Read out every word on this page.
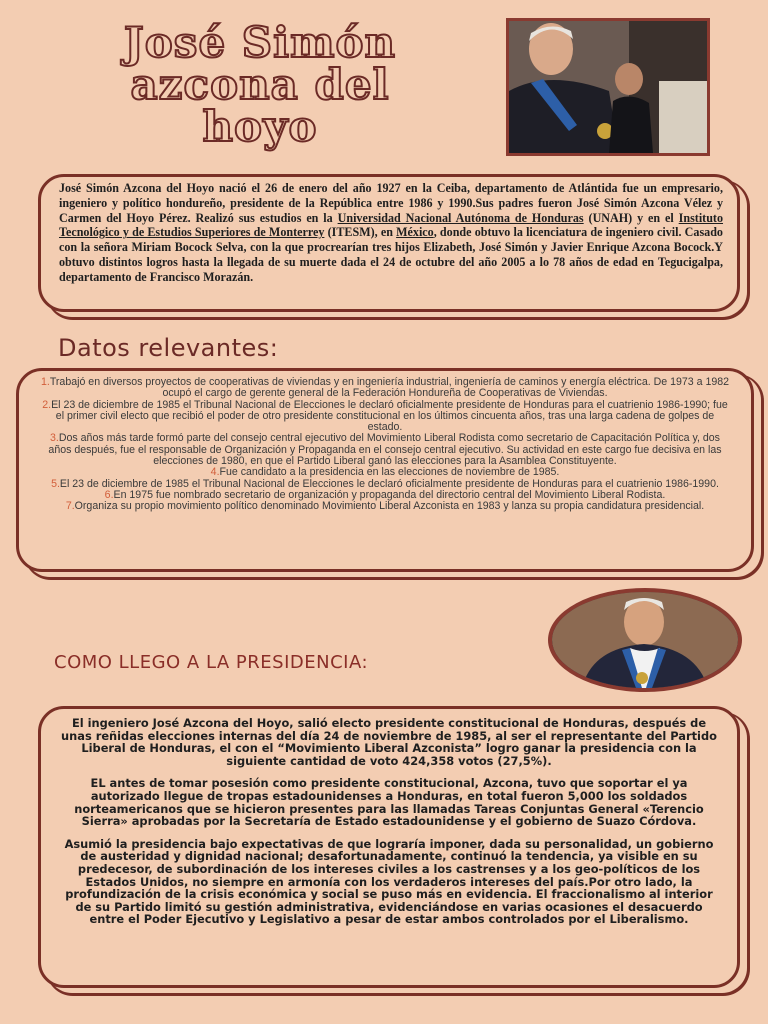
José Simón
azcona del
hoyo

José Simón Azcona del Hoyo nació el 26 de enero del año 1927 en la Ceiba, departamento de Atlántida fue un empresario, ingeniero y político hondureño, presidente de la República entre 1986 y 1990.Sus padres fueron José Simón Azcona Vélez y Carmen del Hoyo Pérez. Realizó sus estudios en la Universidad Nacional Autónoma de Honduras (UNAH) y en el Instituto Tecnológico y de Estudios Superiores de Monterrey (ITESM), en México, donde obtuvo la licenciatura de ingeniero civil. Casado con la señora Miriam Bocock Selva, con la que procrearían tres hijos Elizabeth, José Simón y Javier Enrique Azcona Bocock.Y obtuvo distintos logros hasta la llegada de su muerte dada el 24 de octubre del año 2005 a lo 78 años de edad en Tegucigalpa, departamento de Francisco Morazán.

Datos relevantes:
1.Trabajó en diversos proyectos de cooperativas de viviendas y en ingeniería industrial, ingeniería de caminos y energía eléctrica. De 1973 a 1982 ocupó el cargo de gerente general de la Federación Hondureña de Cooperativas de Viviendas.
2.El 23 de diciembre de 1985 el Tribunal Nacional de Elecciones le declaró oficialmente presidente de Honduras para el cuatrienio 1986-1990; fue el primer civil electo que recibió el poder de otro presidente constitucional en los últimos cincuenta años, tras una larga cadena de golpes de estado.
3.Dos años más tarde formó parte del consejo central ejecutivo del Movimiento Liberal Rodista como secretario de Capacitación Política y, dos años después, fue el responsable de Organización y Propaganda en el consejo central ejecutivo. Su actividad en este cargo fue decisiva en las elecciones de 1980, en que el Partido Liberal ganó las elecciones para la Asamblea Constituyente.
4.Fue candidato a la presidencia en las elecciones de noviembre de 1985.
5.El 23 de diciembre de 1985 el Tribunal Nacional de Elecciones le declaró oficialmente presidente de Honduras para el cuatrienio 1986-1990.
6.En 1975 fue nombrado secretario de organización y propaganda del directorio central del Movimiento Liberal Rodista.
7.Organiza su propio movimiento político denominado Movimiento Liberal Azconista en 1983 y lanza su propia candidatura presidencial.
COMO LLEGO A LA PRESIDENCIA:

El ingeniero José Azcona del Hoyo, salió electo presidente constitucional de Honduras, después de unas reñidas elecciones internas del día 24 de noviembre de 1985, al ser el representante del Partido Liberal de Honduras, el con el “Movimiento Liberal Azconista” logro ganar la presidencia con la siguiente cantidad de voto 424,358 votos (27,5%).

EL antes de tomar posesión como presidente constitucional, Azcona, tuvo que soportar el ya autorizado llegue de tropas estadounidenses a Honduras, en total fueron 5,000 los soldados norteamericanos que se hicieron presentes para las llamadas Tareas Conjuntas General «Terencio Sierra» aprobadas por la Secretaría de Estado estadounidense y el gobierno de Suazo Córdova.

Asumió la presidencia bajo expectativas de que lograría imponer, dada su personalidad, un gobierno de austeridad y dignidad nacional; desafortunadamente, continuó la tendencia, ya visible en su predecesor, de subordinación de los intereses civiles a los castrenses y a los geo-políticos de los Estados Unidos, no siempre en armonía con los verdaderos intereses del país.Por otro lado, la profundización de la crisis económica y social se puso más en evidencia. El fraccionalismo al interior de su Partido limitó su gestión administrativa, evidenciándose en varias ocasiones el desacuerdo entre el Poder Ejecutivo y Legislativo a pesar de estar ambos controlados por el Liberalismo.
